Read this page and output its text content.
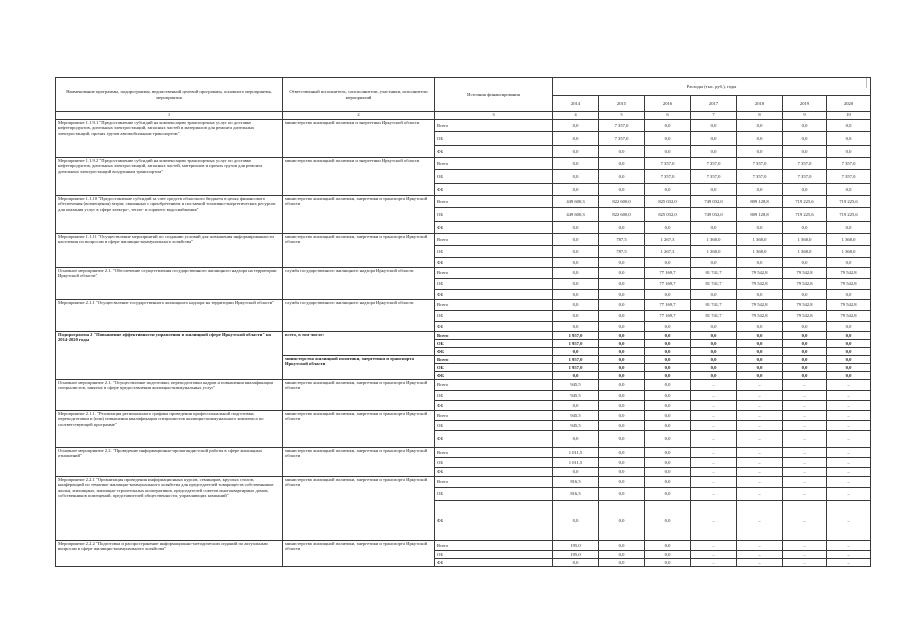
Наименование программы, подпрограммы, ведомственной целевой программы, основного мероприятия, мероприятия	Ответственный исполнитель, соисполнители, участники, исполнители мероприятий	Источник финансирования	Расходы (тыс. руб.), годы						
			2014	2015	2016	2017	2018	2019	2020
1	2	3	4	5	6	7	8	9	10
Мероприятие 1.1.9.1 "Предоставление субсидий на компенсацию транспортных услуг по доставке нефтепродуктов, дизельных электростанций, запасных частей и материалов для ремонта дизельных электростанций, прочих грузов автомобильным транспортом"	министерство жилищной политики и энергетики Иркутской области	Всего	0,0	7 357,0	0,0	0,0	0,0	0,0	0,0
		ОБ	0,0	7 357,0	0,0	0,0	0,0	0,0	0,0
		ФБ	0,0	0,0	0,0	0,0	0,0	0,0	0,0
Мероприятие 1.1.9.2 "Предоставление субсидий на компенсацию транспортных услуг по доставке нефтепродуктов, дизельных электростанций, запасных частей, материалов и прочих грузов для ремонта дизельных электростанций воздушным транспортом"	министерство жилищной политики и энергетики Иркутской области	Всего	0,0	0,0	7 357,0	7 357,0	7 357,0	7 357,0	7 357,0
		ОБ	0,0	0,0	7 357,0	7 357,0	7 357,0	7 357,0	7 357,0
		ФБ	0,0	0,0	0,0	0,0	0,0	0,0	0,0
Мероприятие 1.1.10 "Предоставление субсидий за счет средств областного бюджета в целях финансового обеспечения (возмещения) затрат, связанных с приобретением и поставкой топливно-энергетических ресурсов для оказания услуг в сфере электро-, тепло- и горячего водоснабжения"	министерство жилищной политики, энергетики и транспорта Иркутской области	Всего	449 600,3	822 600,0	825 032,0	749 032,0	809 128,8	719 225,6	719 225,6
		ОБ	449 600,3	822 600,0	825 032,0	749 032,0	809 128,8	719 225,6	719 225,6
		ФБ	0,0	0,0	0,0	0,0	0,0	0,0	0,0
Мероприятие 1.1.11 "Осуществление мероприятий по созданию условий для повышения информированности населения по вопросам в сфере жилищно-коммунального хозяйства"	министерство жилищной политики, энергетики и транспорта Иркутской области	Всего	0,0	787,5	1 267,3	1 368,0	1 368,0	1 368,0	1 368,0
		ОБ	0,0	787,5	1 267,3	1 368,0	1 368,0	1 368,0	1 368,0
		ФБ	0,0	0,0	0,0	0,0	0,0	0,0	0,0
Основное мероприятие 2.1. "Обеспечение осуществления государственного жилищного надзора на территории Иркутской области"	служба государственного жилищного надзора Иркутской области	Всего	0,0	0,0	77 169,7	81 741,7	79 542,8	79 542,8	79 542,8
		ОБ	0,0	0,0	77 169,7	81 741,7	79 542,8	79 542,8	79 542,8
		ФБ	0,0	0,0	0,0	0,0	0,0	0,0	0,0
Мероприятие 2.1.1 "Осуществление государственного жилищного надзора на территории Иркутской области"	служба государственного жилищного надзора Иркутской области	Всего	0,0	0,0	77 169,7	81 741,7	79 542,8	79 542,8	79 542,8
		ОБ	0,0	0,0	77 169,7	81 741,7	79 542,8	79 542,8	79 542,8
		ФБ	0,0	0,0	0,0	0,0	0,0	0,0	0,0
Подпрограмма 2 "Повышение эффективности управления в жилищной сфере Иркутской области" на 2014-2020 годы	всего, в том числе:	Всего	1 957,0	0,0	0,0	0,0	0,0	0,0	0,0
		ОБ	1 957,0	0,0	0,0	0,0	0,0	0,0	0,0
		ФБ	0,0	0,0	0,0	0,0	0,0	0,0	0,0
	министерство жилищной политики, энергетики и транспорта Иркутской области	Всего	1 957,0	0,0	0,0	0,0	0,0	0,0	0,0
		ОБ	1 957,0	0,0	0,0	0,0	0,0	0,0	0,0
		ФБ	0,0	0,0	0,0	0,0	0,0	0,0	0,0
Основное мероприятие 2.1. "Осуществление подготовки, переподготовки кадров и повышения квалификации специалистов, занятых в сфере предоставления жилищно-коммунальных услуг"	министерство жилищной политики, энергетики и транспорта Иркутской области	Всего	945,5	0,0	0,0	–	–	–	–
		ОБ	945,5	0,0	0,0	–	–	–	–
		ФБ	0,0	0,0	0,0	–	–	–	–
Мероприятие 2.1.1. "Реализация регионального графика проведения профессиональной подготовки, переподготовки и (или) повышения квалификации специалистов жилищно-коммунального комплекса по соответствующей программе"	министерство жилищной политики, энергетики и транспорта Иркутской области	Всего	945,5	0,0	0,0	–	–	–	–
		ОБ	945,5	0,0	0,0	–	–	–	–
		ФБ	0,0	0,0	0,0	–	–	–	–
Основное мероприятие 2.2. "Проведение информационно-пропагандистской работы в сфере жилищных отношений"	министерство жилищной политики, энергетики и транспорта Иркутской области	Всего	1 011,5	0,0	0,0	–	–	–	–
		ОБ	1 011,5	0,0	0,0	–	–	–	–
		ФБ	0,0	0,0	0,0	–	–	–	–
Мероприятие 2.2.1 "Организация проведения информационных курсов, семинаров, круглых столов, конференций по тематике жилищно-коммунального хозяйства для председателей товариществ собственников жилья, жилищных, жилищно-строительных кооперативов, председателей советов многоквартирных домов, собственников помещений, представителей общественности, управляющих компаний"	министерство жилищной политики, энергетики и транспорта Иркутской области	Всего	816,5	0,0	0,0	–	–	–	–
		ОБ	816,5	0,0	0,0	–	–	–	–
		ФБ	0,0	0,0	0,0	–	–	–	–
Мероприятие 2.2.2 "Подготовка и распространение информационно-методических изданий по актуальным вопросам в сфере жилищно-коммунального хозяйства"	министерство жилищной политики, энергетики и транспорта Иркутской области	Всего	195,0	0,0	0,0	–	–	–	–
		ОБ	195,0	0,0	0,0	–	–	–	–
		ФБ	0,0	0,0	0,0	–	–	–	–
